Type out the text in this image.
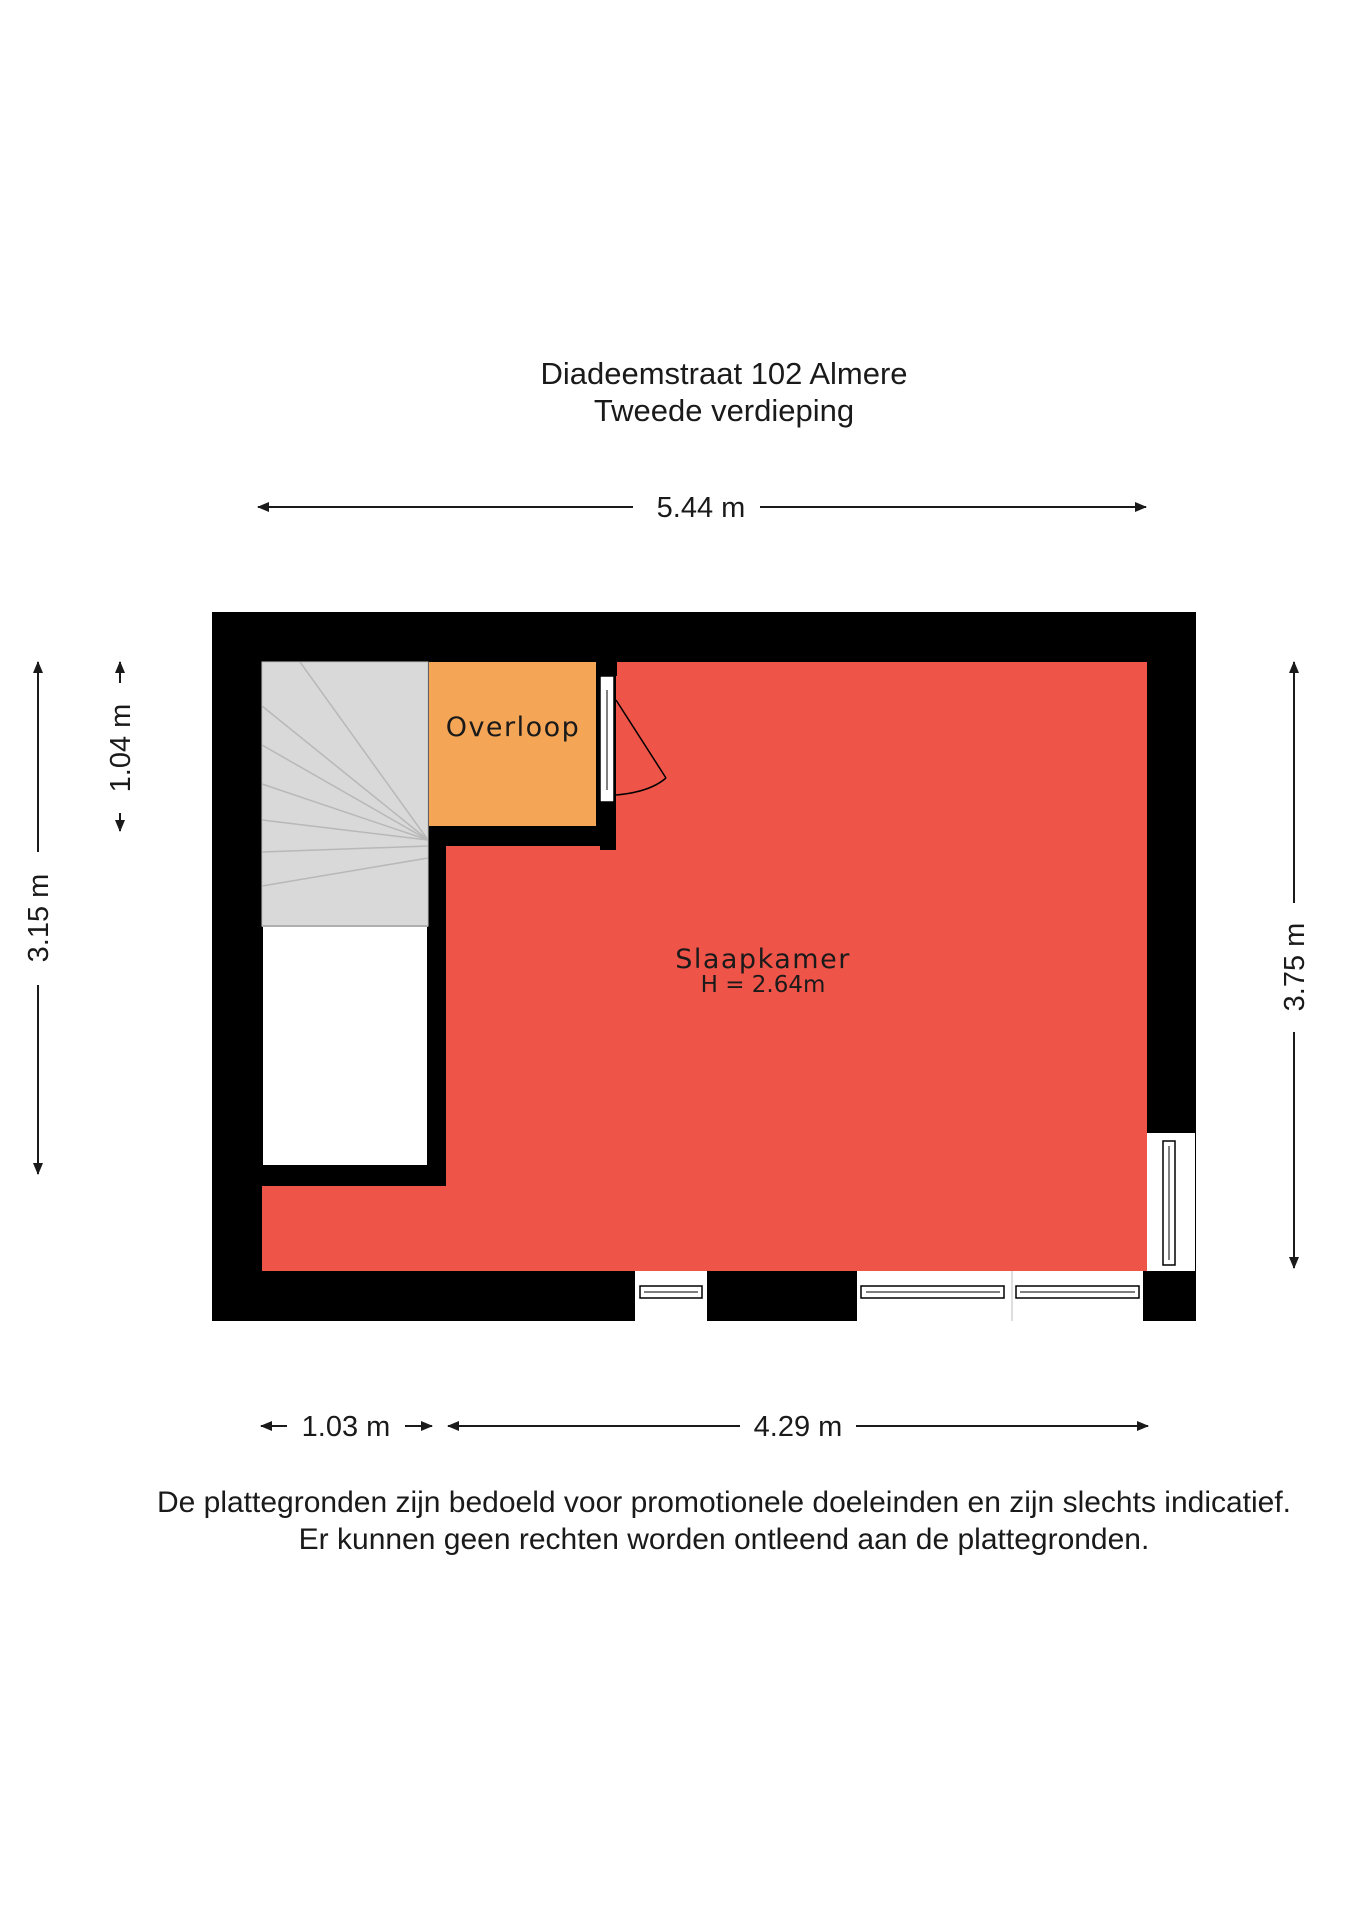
Diadeemstraat 102 Almere
Tweede verdieping
5.44 m
3.15 m
1.04 m
3.75 m
1.03 m	4.29 m
Overloop
Slaapkamer
H = 2.64m
De plattegronden zijn bedoeld voor promotionele doeleinden en zijn slechts indicatief.
Er kunnen geen rechten worden ontleend aan de plattegronden.
